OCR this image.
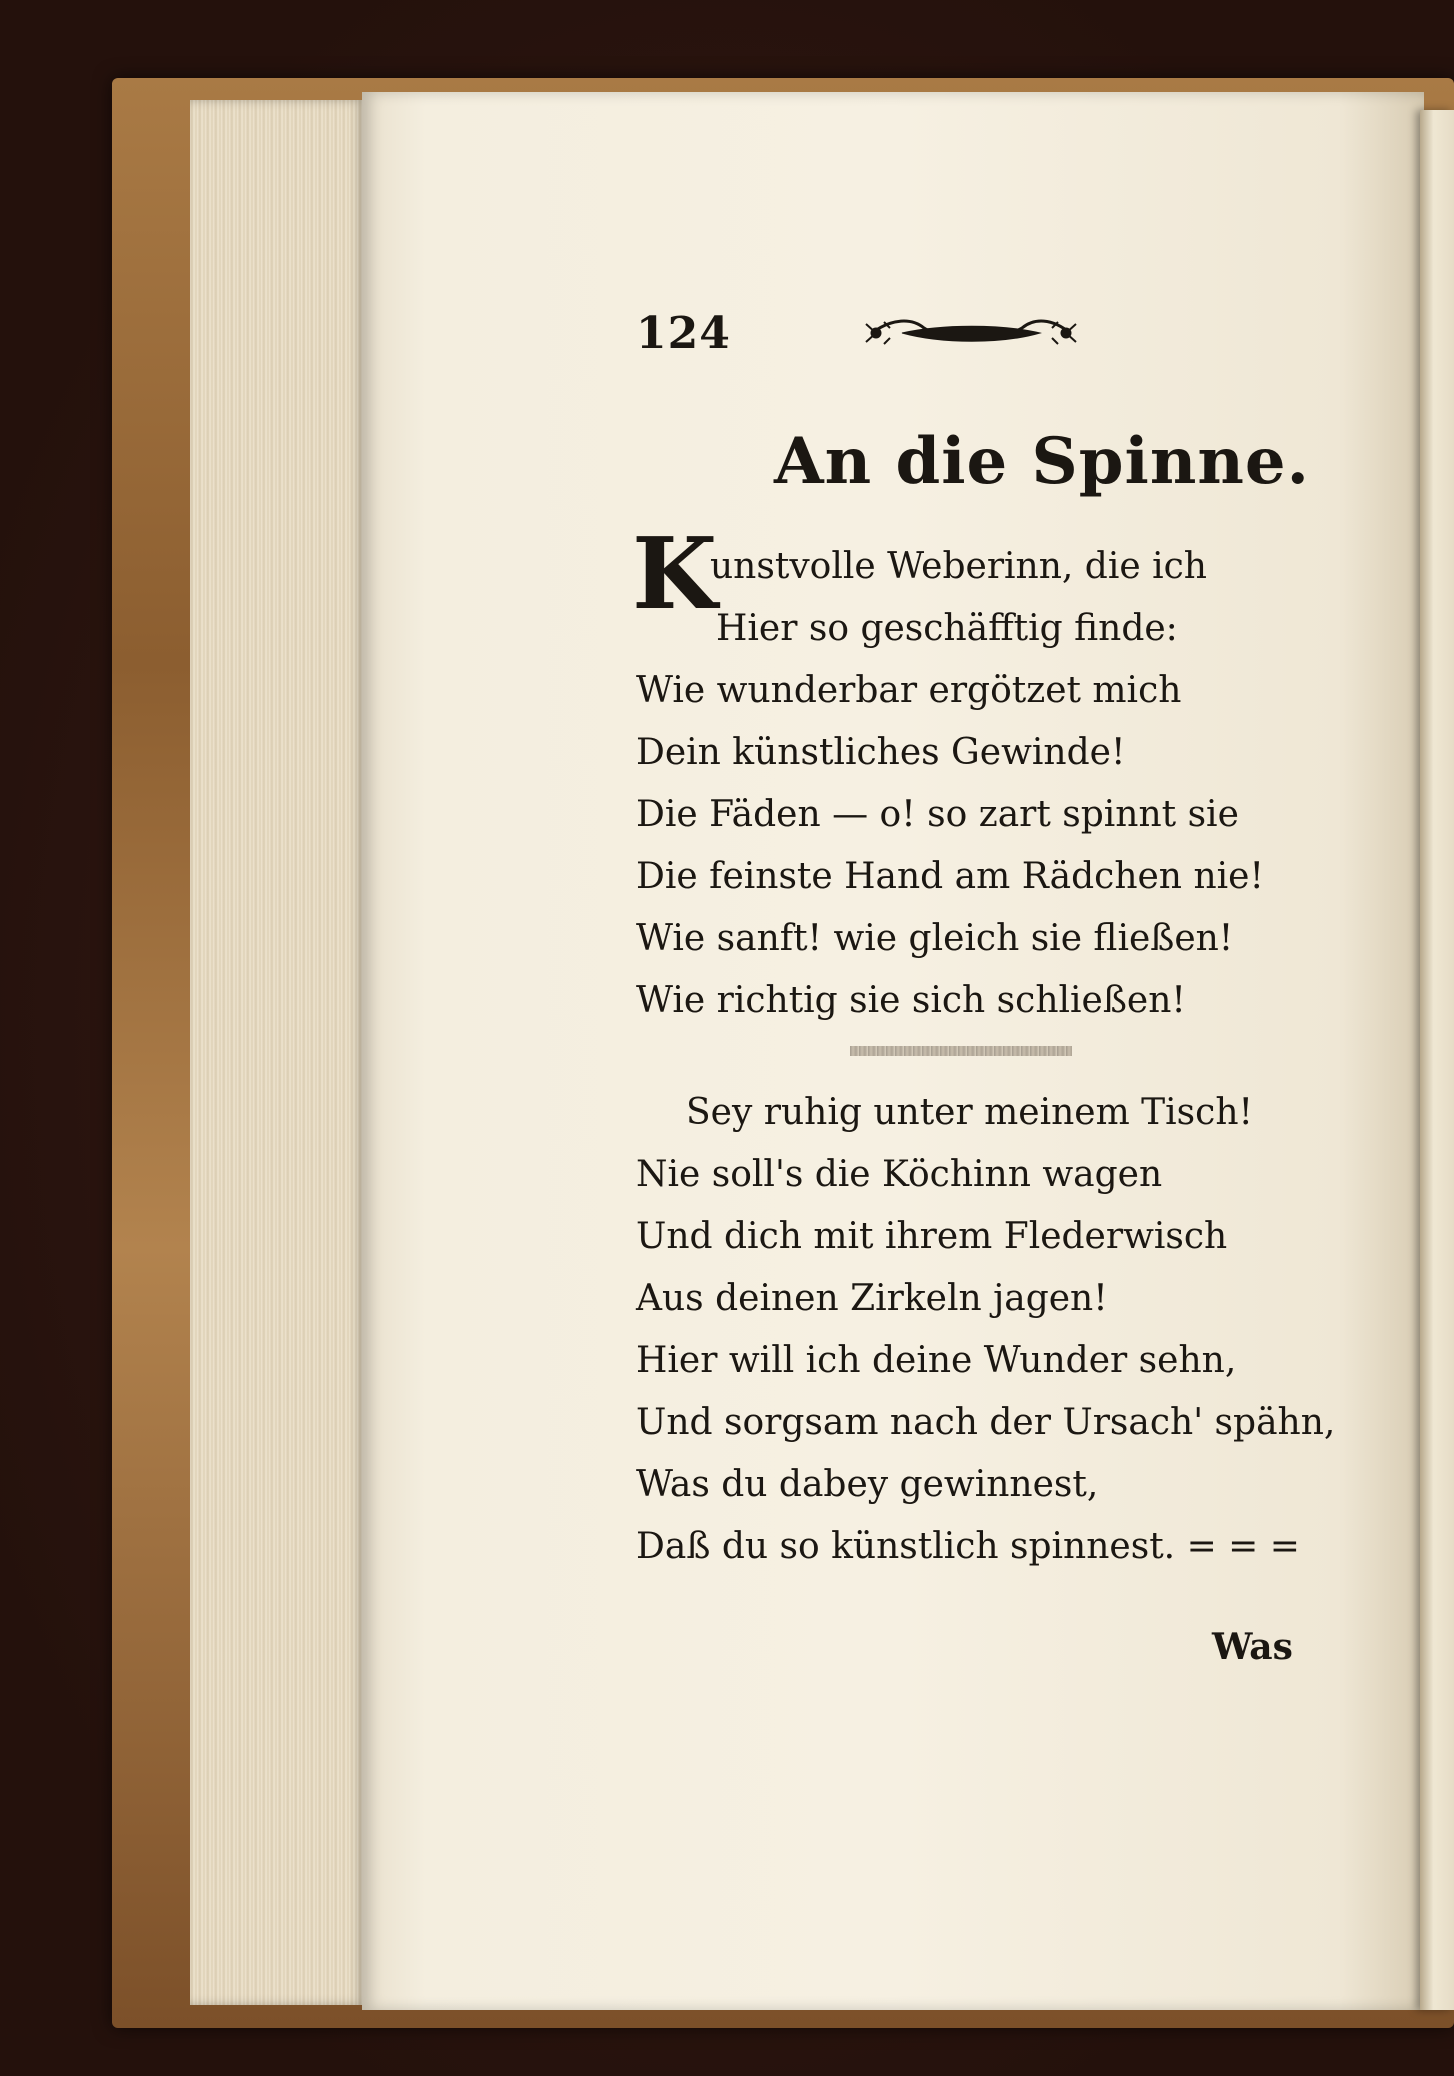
124
An die Spinne.
K
unstvolle Weberinn, die ich
Hier so geschäfftig finde:
Wie wunderbar ergötzet mich
Dein künstliches Gewinde!
Die Fäden — o! so zart spinnt sie
Die feinste Hand am Rädchen nie!
Wie sanft! wie gleich sie fließen!
Wie richtig sie sich schließen!
Sey ruhig unter meinem Tisch!
Nie soll's die Köchinn wagen
Und dich mit ihrem Flederwisch
Aus deinen Zirkeln jagen!
Hier will ich deine Wunder sehn,
Und sorgsam nach der Ursach' spähn,
Was du dabey gewinnest,
Daß du so künstlich spinnest. = = =
Was
